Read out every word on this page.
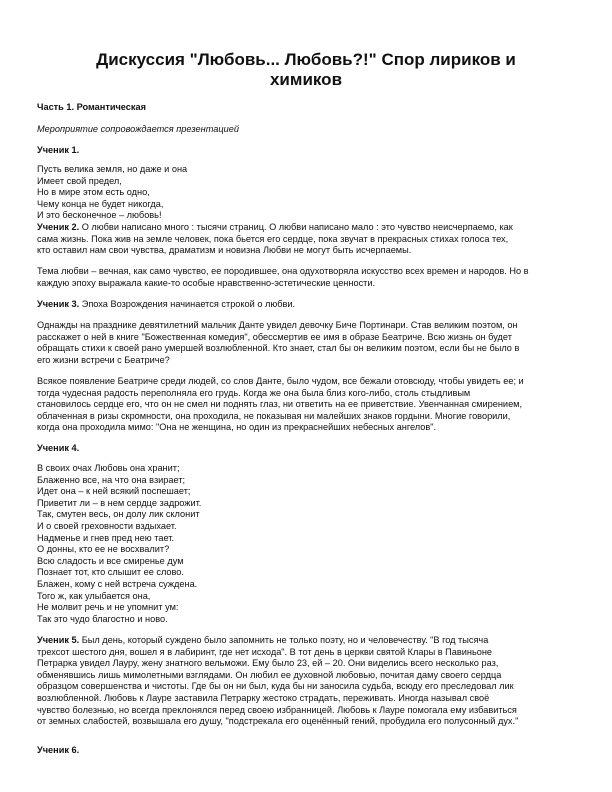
Дискуссия "Любовь... Любовь?!" Спор лириков и
химиков
Часть 1. Романтическая
Мероприятие сопровождается презентацией
Ученик 1.
Пусть велика земля, но даже и она
Имеет свой предел,
Но в мире этом есть одно,
Чему конца не будет никогда,
И это бесконечное – любовь!
Ученик 2. О любви написано много : тысячи страниц. О любви написано мало : это чувство неисчерпаемо, как
сама жизнь. Пока жив на земле человек, пока бьется его сердце, пока звучат в прекрасных стихах голоса тех,
кто оставил нам свои чувства, драматизм и новизна Любви не могут быть исчерпаемы.
Тема любви – вечная, как само чувство, ее породившее, она одухотворяла искусство всех времен и народов. Но в
каждую эпоху выражала какие-то особые нравственно-эстетические ценности.
Ученик 3. Эпоха Возрождения начинается строкой о любви.
Однажды на празднике девятилетний мальчик Данте увидел девочку Биче Портинари. Став великим поэтом, он
расскажет о ней в книге "Божественная комедия", обессмертив ее имя в образе Беатриче. Всю жизнь он будет
обращать стихи к своей рано умершей возлюбленной. Кто знает, стал бы он великим поэтом, если бы не было в
его жизни встречи с Беатриче?
Всякое появление Беатриче среди людей, со слов Данте, было чудом, все бежали отовсюду, чтобы увидеть ее; и
тогда чудесная радость переполняла его грудь. Когда же она была близ кого-либо, столь стыдливым
становилось сердце его, что он не смел ни поднять глаз, ни ответить на ее приветствие. Увенчанная смирением,
облаченная в ризы скромности, она проходила, не показывая ни малейших знаков гордыни. Многие говорили,
когда она проходила мимо: "Она не женщина, но один из прекраснейших небесных ангелов".
Ученик 4.
В своих очах Любовь она хранит;
Блаженно все, на что она взирает;
Идет она – к ней всякий поспешает;
Приветит ли – в нем сердце задрожит.
Так, смутен весь, он долу лик склонит
И о своей греховности вздыхает.
Надменье и гнев пред нею тает.
О донны, кто ее не восхвалит?
Всю сладость и все смиренье дум
Познает тот, кто слышит ее слово.
Блажен, кому с ней встреча суждена.
Того ж, как улыбается она,
Не молвит речь и не упомнит ум:
Так это чудо благостно и ново.
Ученик 5. Был день, который суждено было запомнить не только поэту, но и человечеству. "В год тысяча
трехсот шестого дня, вошел я в лабиринт, где нет исхода". В тот день в церкви святой Клары в Павиньоне
Петрарка увидел Лауру, жену знатного вельможи. Ему было 23, ей – 20. Они виделись всего несколько раз,
обменявшись лишь мимолетными взглядами. Он любил ее духовной любовью, почитая даму своего сердца
образцом совершенства и чистоты. Где бы он ни был, куда бы ни заносила судьба, всюду его преследовал лик
возлюбленной. Любовь к Лауре заставила Петрарку жестоко страдать, переживать. Иногда называл своё
чувство болезнью, но всегда преклонялся перед своею избранницей. Любовь к Лауре помогала ему избавиться
от земных слабостей, возвышала его душу, "подстрекала его оценённый гений, пробудила его полусонный дух."
Ученик 6.
